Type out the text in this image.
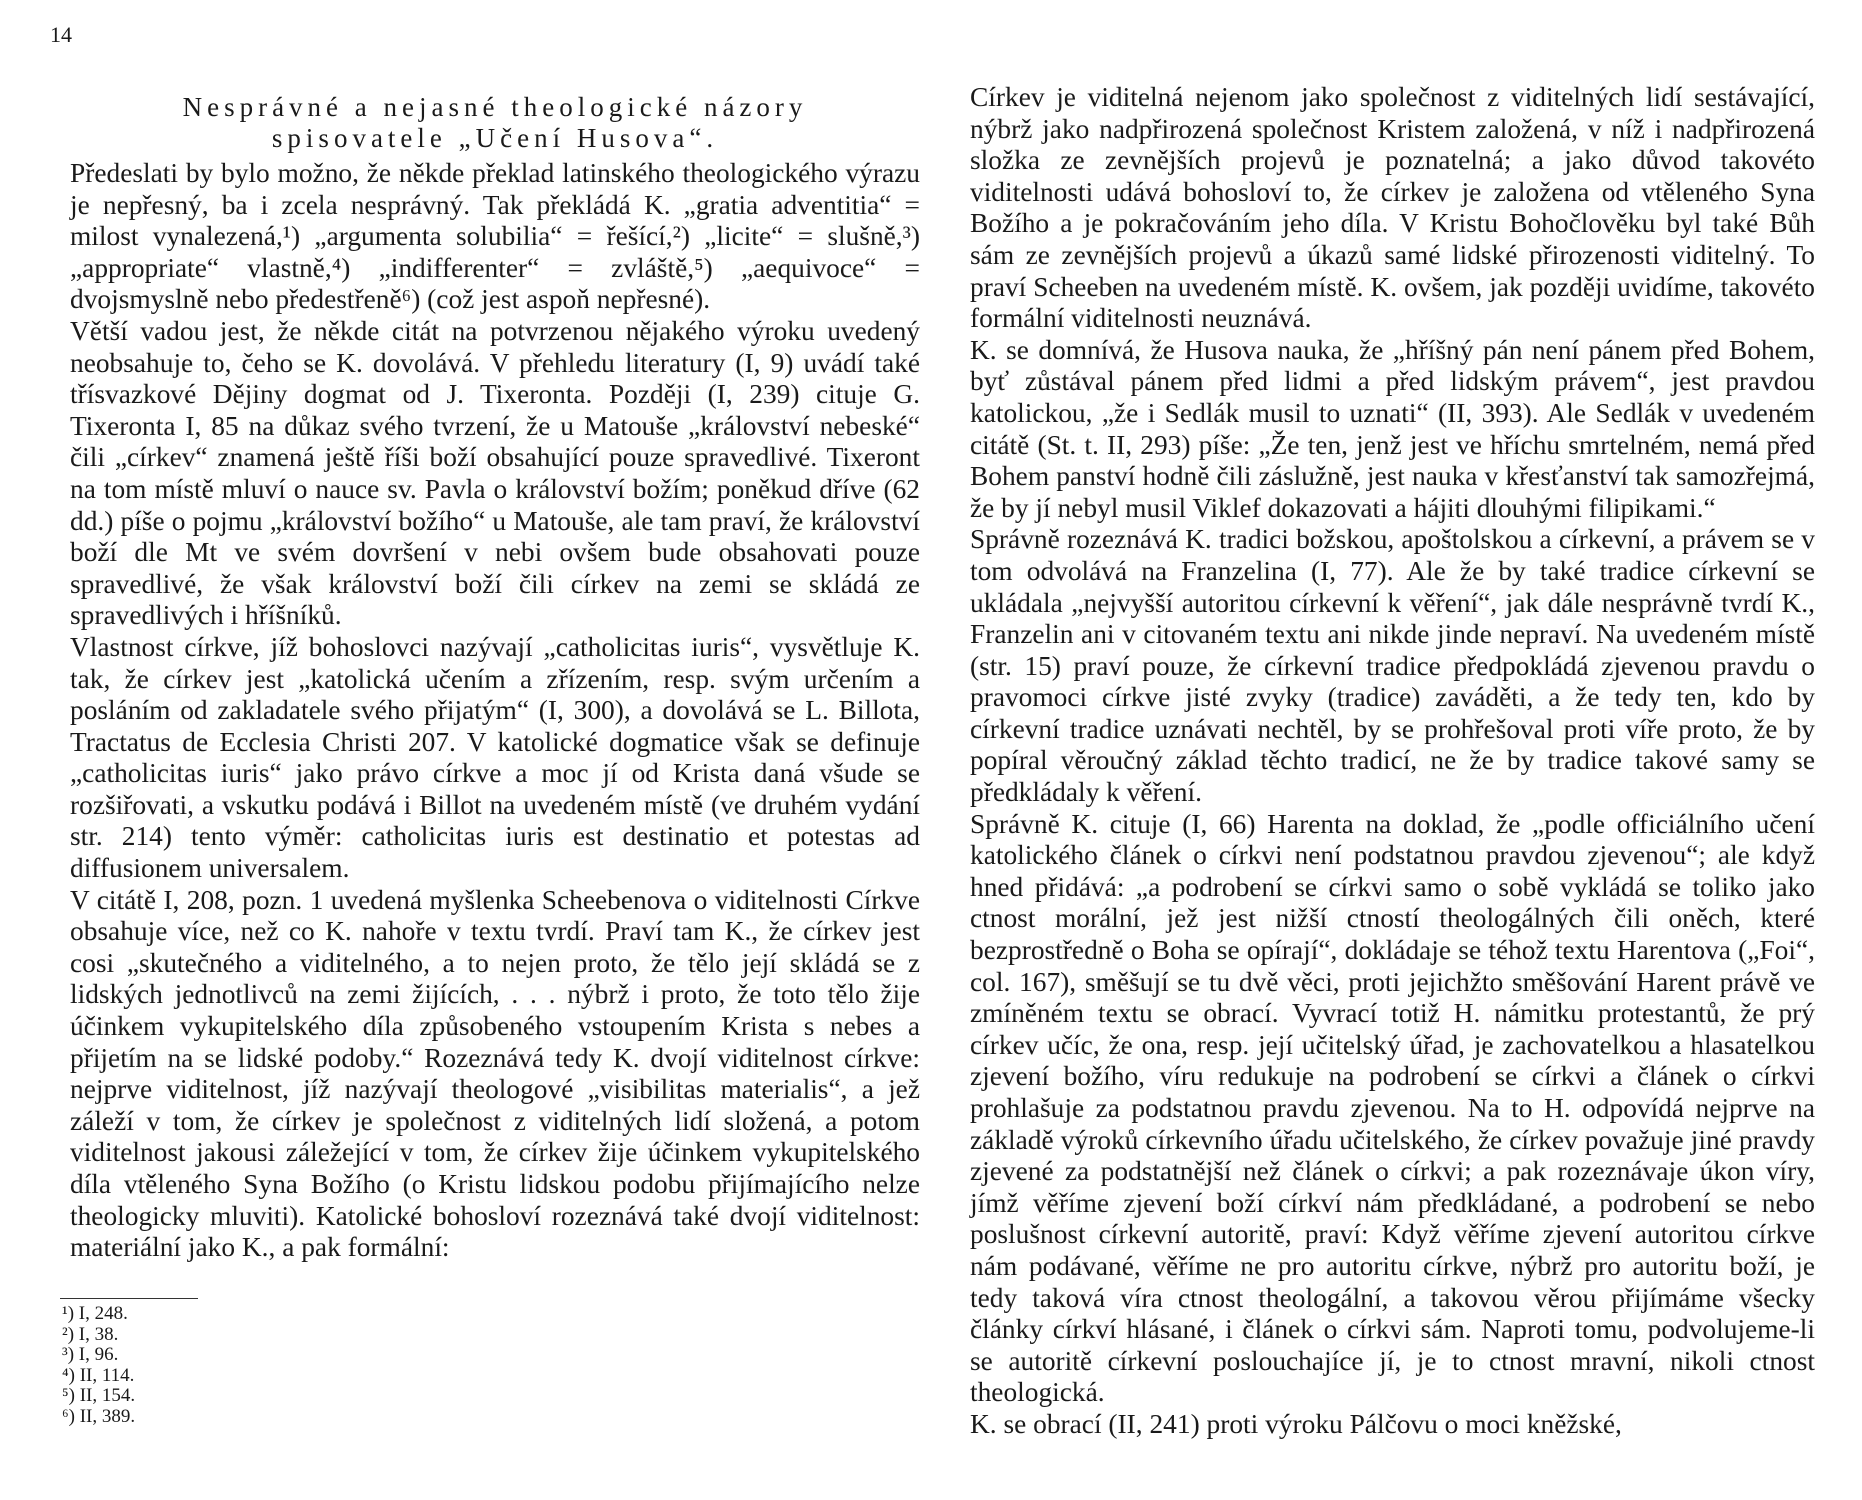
14
Nesprávné a nejasné theologické názory
spisovatele „Učení Husova“.

Předeslati by bylo možno, že někde překlad latinského theologického výrazu je nepřesný, ba i zcela nesprávný. Tak překládá K. „gratia adventitia“ = milost vynalezená,¹) „argumenta solubilia“ = řešící,²) „licite“ = slušně,³) „appropriate“ vlastně,⁴) „indifferenter“ = zvláště,⁵) „aequivoce“ = dvojsmyslně nebo předestřeně⁶) (což jest aspoň nepřesné).

Větší vadou jest, že někde citát na potvrzenou nějakého výroku uvedený neobsahuje to, čeho se K. dovolává. V přehledu literatury (I, 9) uvádí také třísvazkové Dějiny dogmat od J. Tixeronta. Později (I, 239) cituje G. Tixeronta I, 85 na důkaz svého tvrzení, že u Matouše „království nebeské“ čili „církev“ znamená ještě říši boží obsahující pouze spravedlivé. Tixeront na tom místě mluví o nauce sv. Pavla o království božím; poněkud dříve (62 dd.) píše o pojmu „království božího“ u Matouše, ale tam praví, že království boží dle Mt ve svém dovršení v nebi ovšem bude obsahovati pouze spravedlivé, že však království boží čili církev na zemi se skládá ze spravedlivých i hříšníků.

Vlastnost církve, jíž bohoslovci nazývají „catholicitas iuris“, vysvětluje K. tak, že církev jest „katolická učením a zřízením, resp. svým určením a posláním od zakladatele svého přijatým“ (I, 300), a dovolává se L. Billota, Tractatus de Ecclesia Christi 207. V katolické dogmatice však se definuje „catholicitas iuris“ jako právo církve a moc jí od Krista daná všude se rozšiřovati, a vskutku podává i Billot na uvedeném místě (ve druhém vydání str. 214) tento výměr: catholicitas iuris est destinatio et potestas ad diffusionem universalem.

V citátě I, 208, pozn. 1 uvedená myšlenka Scheebenova o viditelnosti Církve obsahuje více, než co K. nahoře v textu tvrdí. Praví tam K., že církev jest cosi „skutečného a viditelného, a to nejen proto, že tělo její skládá se z lidských jednotlivců na zemi žijících, . . . nýbrž i proto, že toto tělo žije účinkem vykupitelského díla způsobeného vstoupením Krista s nebes a přijetím na se lidské podoby.“ Rozeznává tedy K. dvojí viditelnost církve: nejprve viditelnost, jíž nazývají theologové „visibilitas materialis“, a jež záleží v tom, že církev je společnost z viditelných lidí složená, a potom viditelnost jakousi záležející v tom, že církev žije účinkem vykupitelského díla vtěleného Syna Božího (o Kristu lidskou podobu přijímajícího nelze theologicky mluviti). Katolické bohosloví rozeznává také dvojí viditelnost: materiální jako K., a pak formální:

¹) I, 248.
²) I, 38.
³) I, 96.
⁴) II, 114.
⁵) II, 154.
⁶) II, 389.

Církev je viditelná nejenom jako společnost z viditelných lidí sestávající, nýbrž jako nadpřirozená společnost Kristem založená, v níž i nadpřirozená složka ze zevnějších projevů je poznatelná; a jako důvod takovéto viditelnosti udává bohosloví to, že církev je založena od vtěleného Syna Božího a je pokračováním jeho díla. V Kristu Bohočlověku byl také Bůh sám ze zevnějších projevů a úkazů samé lidské přirozenosti viditelný. To praví Scheeben na uvedeném místě. K. ovšem, jak později uvidíme, takovéto formální viditelnosti neuznává.

K. se domnívá, že Husova nauka, že „hříšný pán není pánem před Bohem, byť zůstával pánem před lidmi a před lidským právem“, jest pravdou katolickou, „že i Sedlák musil to uznati“ (II, 393). Ale Sedlák v uvedeném citátě (St. t. II, 293) píše: „Že ten, jenž jest ve hříchu smrtelném, nemá před Bohem panství hodně čili záslužně, jest nauka v křesťanství tak samozřejmá, že by jí nebyl musil Viklef dokazovati a hájiti dlouhými filipikami.“

Správně rozeznává K. tradici božskou, apoštolskou a církevní, a právem se v tom odvolává na Franzelina (I, 77). Ale že by také tradice církevní se ukládala „nejvyšší autoritou církevní k věření“, jak dále nesprávně tvrdí K., Franzelin ani v citovaném textu ani nikde jinde nepraví. Na uvedeném místě (str. 15) praví pouze, že církevní tradice předpokládá zjevenou pravdu o pravomoci církve jisté zvyky (tradice) zaváděti, a že tedy ten, kdo by církevní tradice uznávati nechtěl, by se prohřešoval proti víře proto, že by popíral věroučný základ těchto tradicí, ne že by tradice takové samy se předkládaly k věření.

Správně K. cituje (I, 66) Harenta na doklad, že „podle officiálního učení katolického článek o církvi není podstatnou pravdou zjevenou“; ale když hned přidává: „a podrobení se církvi samo o sobě vykládá se toliko jako ctnost morální, jež jest nižší ctností theologálných čili oněch, které bezprostředně o Boha se opírají“, dokládaje se téhož textu Harentova („Foi“, col. 167), směšují se tu dvě věci, proti jejichžto směšování Harent právě ve zmíněném textu se obrací. Vyvrací totiž H. námitku protestantů, že prý církev učíc, že ona, resp. její učitelský úřad, je zachovatelkou a hlasatelkou zjevení božího, víru redukuje na podrobení se církvi a článek o církvi prohlašuje za podstatnou pravdu zjevenou. Na to H. odpovídá nejprve na základě výroků církevního úřadu učitelského, že církev považuje jiné pravdy zjevené za podstatnější než článek o církvi; a pak rozeznávaje úkon víry, jímž věříme zjevení boží církví nám předkládané, a podrobení se nebo poslušnost církevní autoritě, praví: Když věříme zjevení autoritou církve nám podávané, věříme ne pro autoritu církve, nýbrž pro autoritu boží, je tedy taková víra ctnost theologální, a takovou věrou přijímáme všecky články církví hlásané, i článek o církvi sám. Naproti tomu, podvolujeme-li se autoritě církevní poslouchajíce jí, je to ctnost mravní, nikoli ctnost theologická.

K. se obrací (II, 241) proti výroku Pálčovu o moci kněžské,
